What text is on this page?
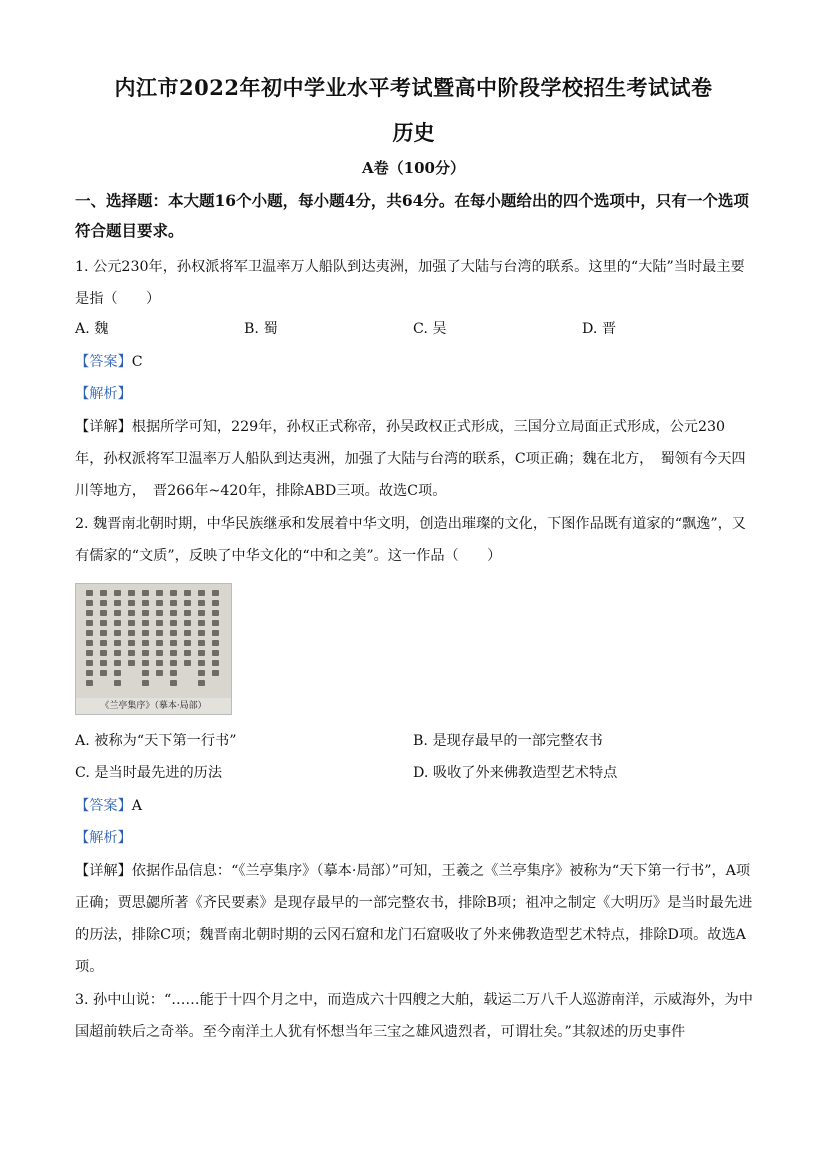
内江市2022年初中学业水平考试暨高中阶段学校招生考试试卷
历史
A卷（100分）
一、选择题：本大题16个小题，每小题4分，共64分。在每小题给出的四个选项中，只有一个选项符合题目要求。
1. 公元230年，孙权派将军卫温率万人船队到达夷洲，加强了大陆与台湾的联系。这里的“大陆”当时最主要是指（　　）
A. 魏	B. 蜀	C. 吴	D. 晋
【答案】C
【解析】
【详解】根据所学可知，229年，孙权正式称帝，孙吴政权正式形成，三国分立局面正式形成，公元230年，孙权派将军卫温率万人船队到达夷洲，加强了大陆与台湾的联系，C项正确；魏在北方，　蜀领有今天四川等地方，　晋266年~420年，排除ABD三项。故选C项。
2. 魏晋南北朝时期，中华民族继承和发展着中华文明，创造出璀璨的文化，下图作品既有道家的“飘逸”，又有儒家的“文质”，反映了中华文化的“中和之美”。这一作品（　　）
《兰亭集序》（摹本·局部）
A. 被称为“天下第一行书”	B. 是现存最早的一部完整农书
C. 是当时最先进的历法	D. 吸收了外来佛教造型艺术特点
【答案】A
【解析】
【详解】依据作品信息：“《兰亭集序》（摹本·局部）”可知，王羲之《兰亭集序》被称为“天下第一行书”，A项正确；贾思勰所著《齐民要素》是现存最早的一部完整农书，排除B项；祖冲之制定《大明历》是当时最先进的历法，排除C项；魏晋南北朝时期的云冈石窟和龙门石窟吸收了外来佛教造型艺术特点，排除D项。故选A项。
3. 孙中山说：“……能于十四个月之中，而造成六十四艘之大舶，载运二万八千人巡游南洋，示威海外，为中国超前轶后之奇举。至今南洋土人犹有怀想当年三宝之雄风遗烈者，可谓壮矣。”其叙述的历史事件
